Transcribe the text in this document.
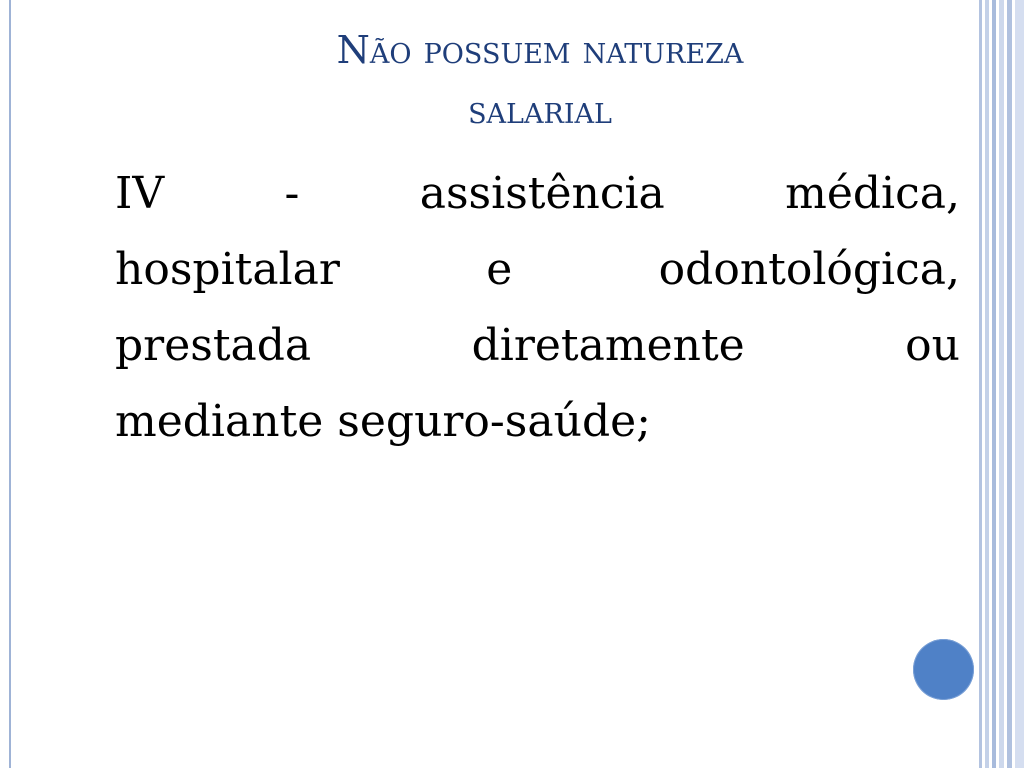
Não possuem natureza
salarial
IV - assistência médica,
hospitalar e odontológica,
prestada diretamente ou
mediante seguro-saúde;
